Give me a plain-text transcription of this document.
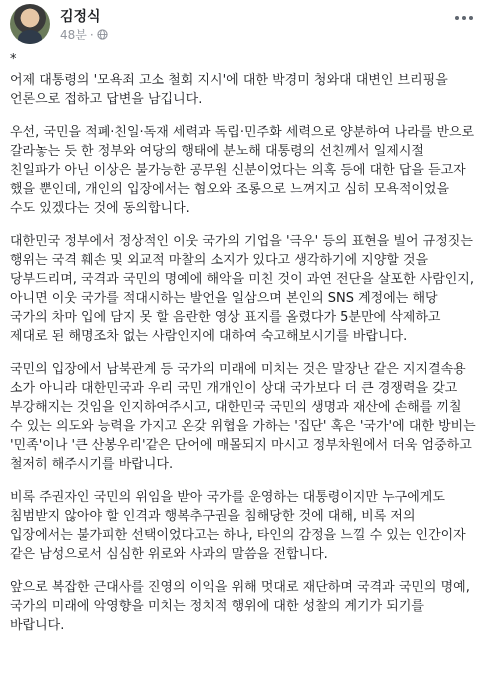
김정식
48분 ·

*

어제 대통령의 '모욕죄 고소 철회 지시'에 대한 박경미 청와대 대변인 브리핑을 언론으로 접하고 답변을 남깁니다.

우선, 국민을 적폐·친일·독재 세력과 독립·민주화 세력으로 양분하여 나라를 반으로 갈라놓는 듯 한 정부와 여당의 행태에 분노해 대통령의 선친께서 일제시절 친일파가 아닌 이상은 불가능한 공무원 신분이었다는 의혹 등에 대한 답을 듣고자 했을 뿐인데, 개인의 입장에서는 혐오와 조롱으로 느껴지고 심히 모욕적이었을 수도 있겠다는 것에 동의합니다.

대한민국 정부에서 정상적인 이웃 국가의 기업을 '극우' 등의 표현을 빌어 규정짓는 행위는 국격 훼손 및 외교적 마찰의 소지가 있다고 생각하기에 지양할 것을 당부드리며, 국격과 국민의 명예에 해악을 미친 것이 과연 전단을 살포한 사람인지, 아니면 이웃 국가를 적대시하는 발언을 일삼으며 본인의 SNS 계정에는 해당 국가의 차마 입에 담지 못 할 음란한 영상 표지를 올렸다가 5분만에 삭제하고 제대로 된 해명조차 없는 사람인지에 대하여 숙고해보시기를 바랍니다.

국민의 입장에서 남북관계 등 국가의 미래에 미치는 것은 말장난 같은 지지결속용 소가 아니라 대한민국과 우리 국민 개개인이 상대 국가보다 더 큰 경쟁력을 갖고 부강해지는 것임을 인지하여주시고, 대한민국 국민의 생명과 재산에 손해를 끼칠 수 있는 의도와 능력을 가지고 온갖 위협을 가하는 '집단' 혹은 '국가'에 대한 방비는 '민족'이나 '큰 산봉우리'같은 단어에 매몰되지 마시고 정부차원에서 더욱 엄중하고 철저히 해주시기를 바랍니다.

비록 주권자인 국민의 위임을 받아 국가를 운영하는 대통령이지만 누구에게도 침범받지 않아야 할 인격과 행복추구권을 침해당한 것에 대해, 비록 저의 입장에서는 불가피한 선택이었다고는 하나, 타인의 감정을 느낄 수 있는 인간이자 같은 남성으로서 심심한 위로와 사과의 말씀을 전합니다.

앞으로 복잡한 근대사를 진영의 이익을 위해 멋대로 재단하며 국격과 국민의 명예, 국가의 미래에 악영향을 미치는 정치적 행위에 대한 성찰의 계기가 되기를 바랍니다.
